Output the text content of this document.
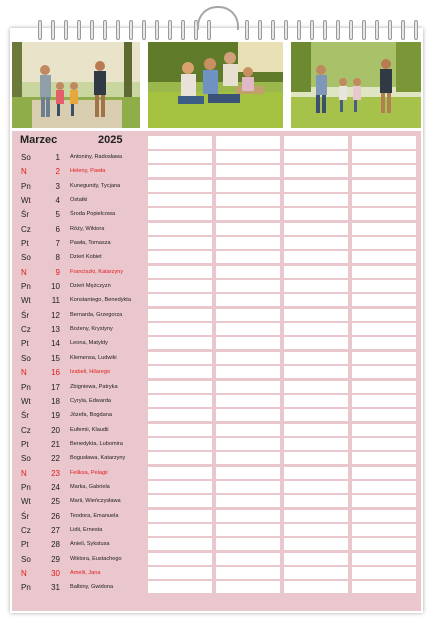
Marzec	2025
So	1 Antoniny, Radosława
N	2 Heleny, Pawła
Pn	3 Kunegundy, Tycjana
Wt	4 Ostatki
Śr	5 Środa Popielcowa
Cz	6 Róży, Wiktora
Pt	7 Pawła, Tomasza
So	8 Dzień Kobiet
N	9 Franciszki, Katarzyny
Pn	10 Dzień Mężczyzn
Wt	11 Konstantego, Benedykta
Śr	12 Bernarda, Grzegorza
Cz	13 Bożeny, Krystyny
Pt	14 Leona, Matyldy
So	15 Klemensa, Ludwiki
N	16 Izabeli, Hilarego
Pn	17 Zbigniewa, Patryka
Wt	18 Cyryla, Edwarda
Śr	19 Józefa, Bogdana
Cz	20 Eufemii, Klaudii
Pt	21 Benedykta, Lubomira
So	22 Bogusława, Katarzyny
N	23 Feliksa, Pelagii
Pn	24 Marka, Gabriela
Wt	25 Marii, Wieńczysława
Śr	26 Teodora, Emanuela
Cz	27 Lidii, Ernesta
Pt	28 Anieli, Sykstusa
So	29 Wiktora, Eustachego
N	30 Amelii, Jana
Pn	31 Balbiny, Gwidona
